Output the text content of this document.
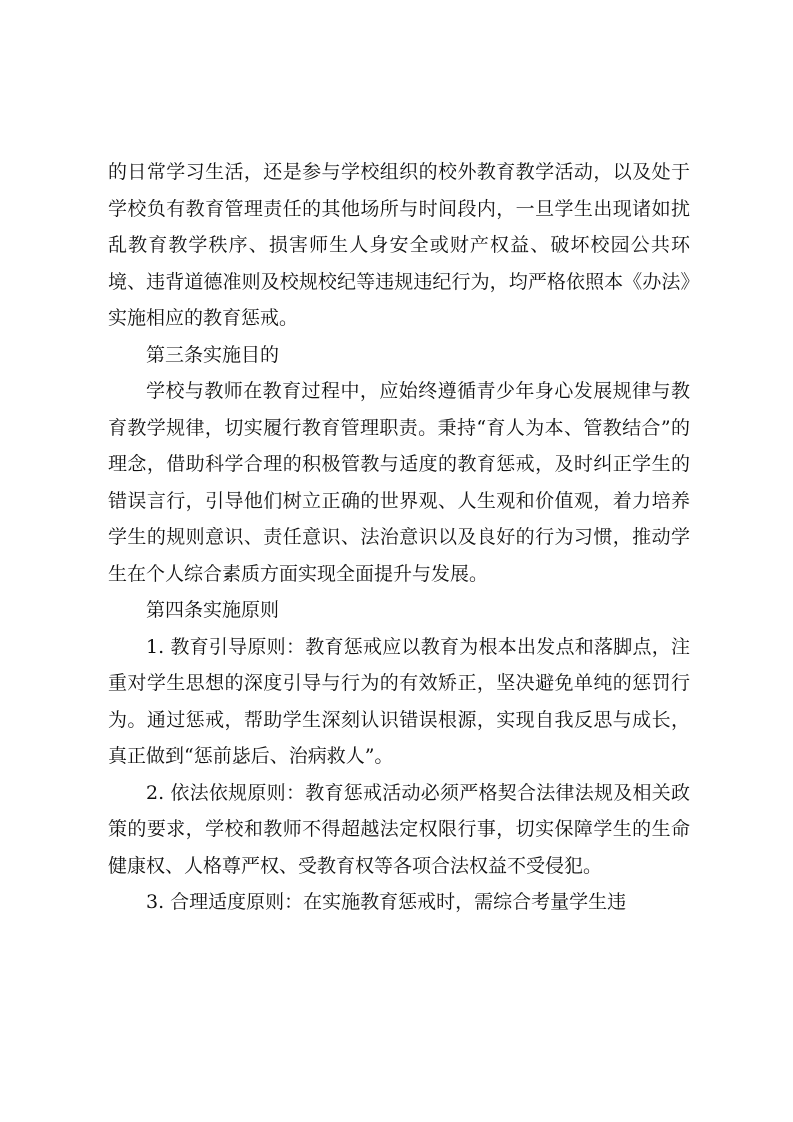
的日常学习生活，还是参与学校组织的校外教育教学活动，以及处于学校负有教育管理责任的其他场所与时间段内，一旦学生出现诸如扰乱教育教学秩序、损害师生人身安全或财产权益、破坏校园公共环境、违背道德准则及校规校纪等违规违纪行为，均严格依照本《办法》实施相应的教育惩戒。

第三条实施目的

学校与教师在教育过程中，应始终遵循青少年身心发展规律与教育教学规律，切实履行教育管理职责。秉持“育人为本、管教结合”的理念，借助科学合理的积极管教与适度的教育惩戒，及时纠正学生的错误言行，引导他们树立正确的世界观、人生观和价值观，着力培养学生的规则意识、责任意识、法治意识以及良好的行为习惯，推动学生在个人综合素质方面实现全面提升与发展。

第四条实施原则

1. 教育引导原则：教育惩戒应以教育为根本出发点和落脚点，注重对学生思想的深度引导与行为的有效矫正，坚决避免单纯的惩罚行为。通过惩戒，帮助学生深刻认识错误根源，实现自我反思与成长，真正做到“惩前毖后、治病救人”。

2. 依法依规原则：教育惩戒活动必须严格契合法律法规及相关政策的要求，学校和教师不得超越法定权限行事，切实保障学生的生命健康权、人格尊严权、受教育权等各项合法权益不受侵犯。

3. 合理适度原则：在实施教育惩戒时，需综合考量学生违
